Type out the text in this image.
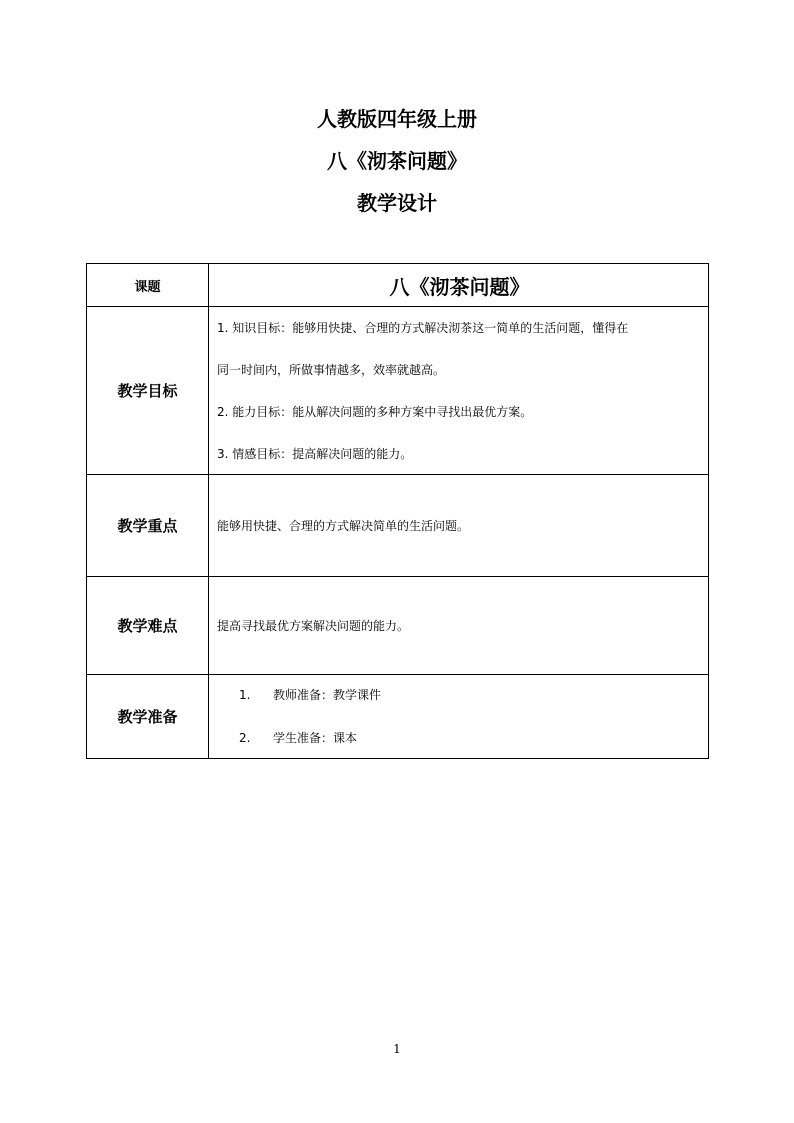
人教版四年级上册
八《沏茶问题》
教学设计
课题	八《沏茶问题》
教学目标	1. 知识目标：能够用快捷、合理的方式解决沏茶这一简单的生活问题，懂得在
同一时间内，所做事情越多，效率就越高。
2. 能力目标：能从解决问题的多种方案中寻找出最优方案。
3. 情感目标：提高解决问题的能力。

教学重点	能够用快捷、合理的方式解决简单的生活问题。
教学难点	提高寻找最优方案解决问题的能力。
教学准备	1. 教师准备：教学课件
2. 学生准备：课本
1
